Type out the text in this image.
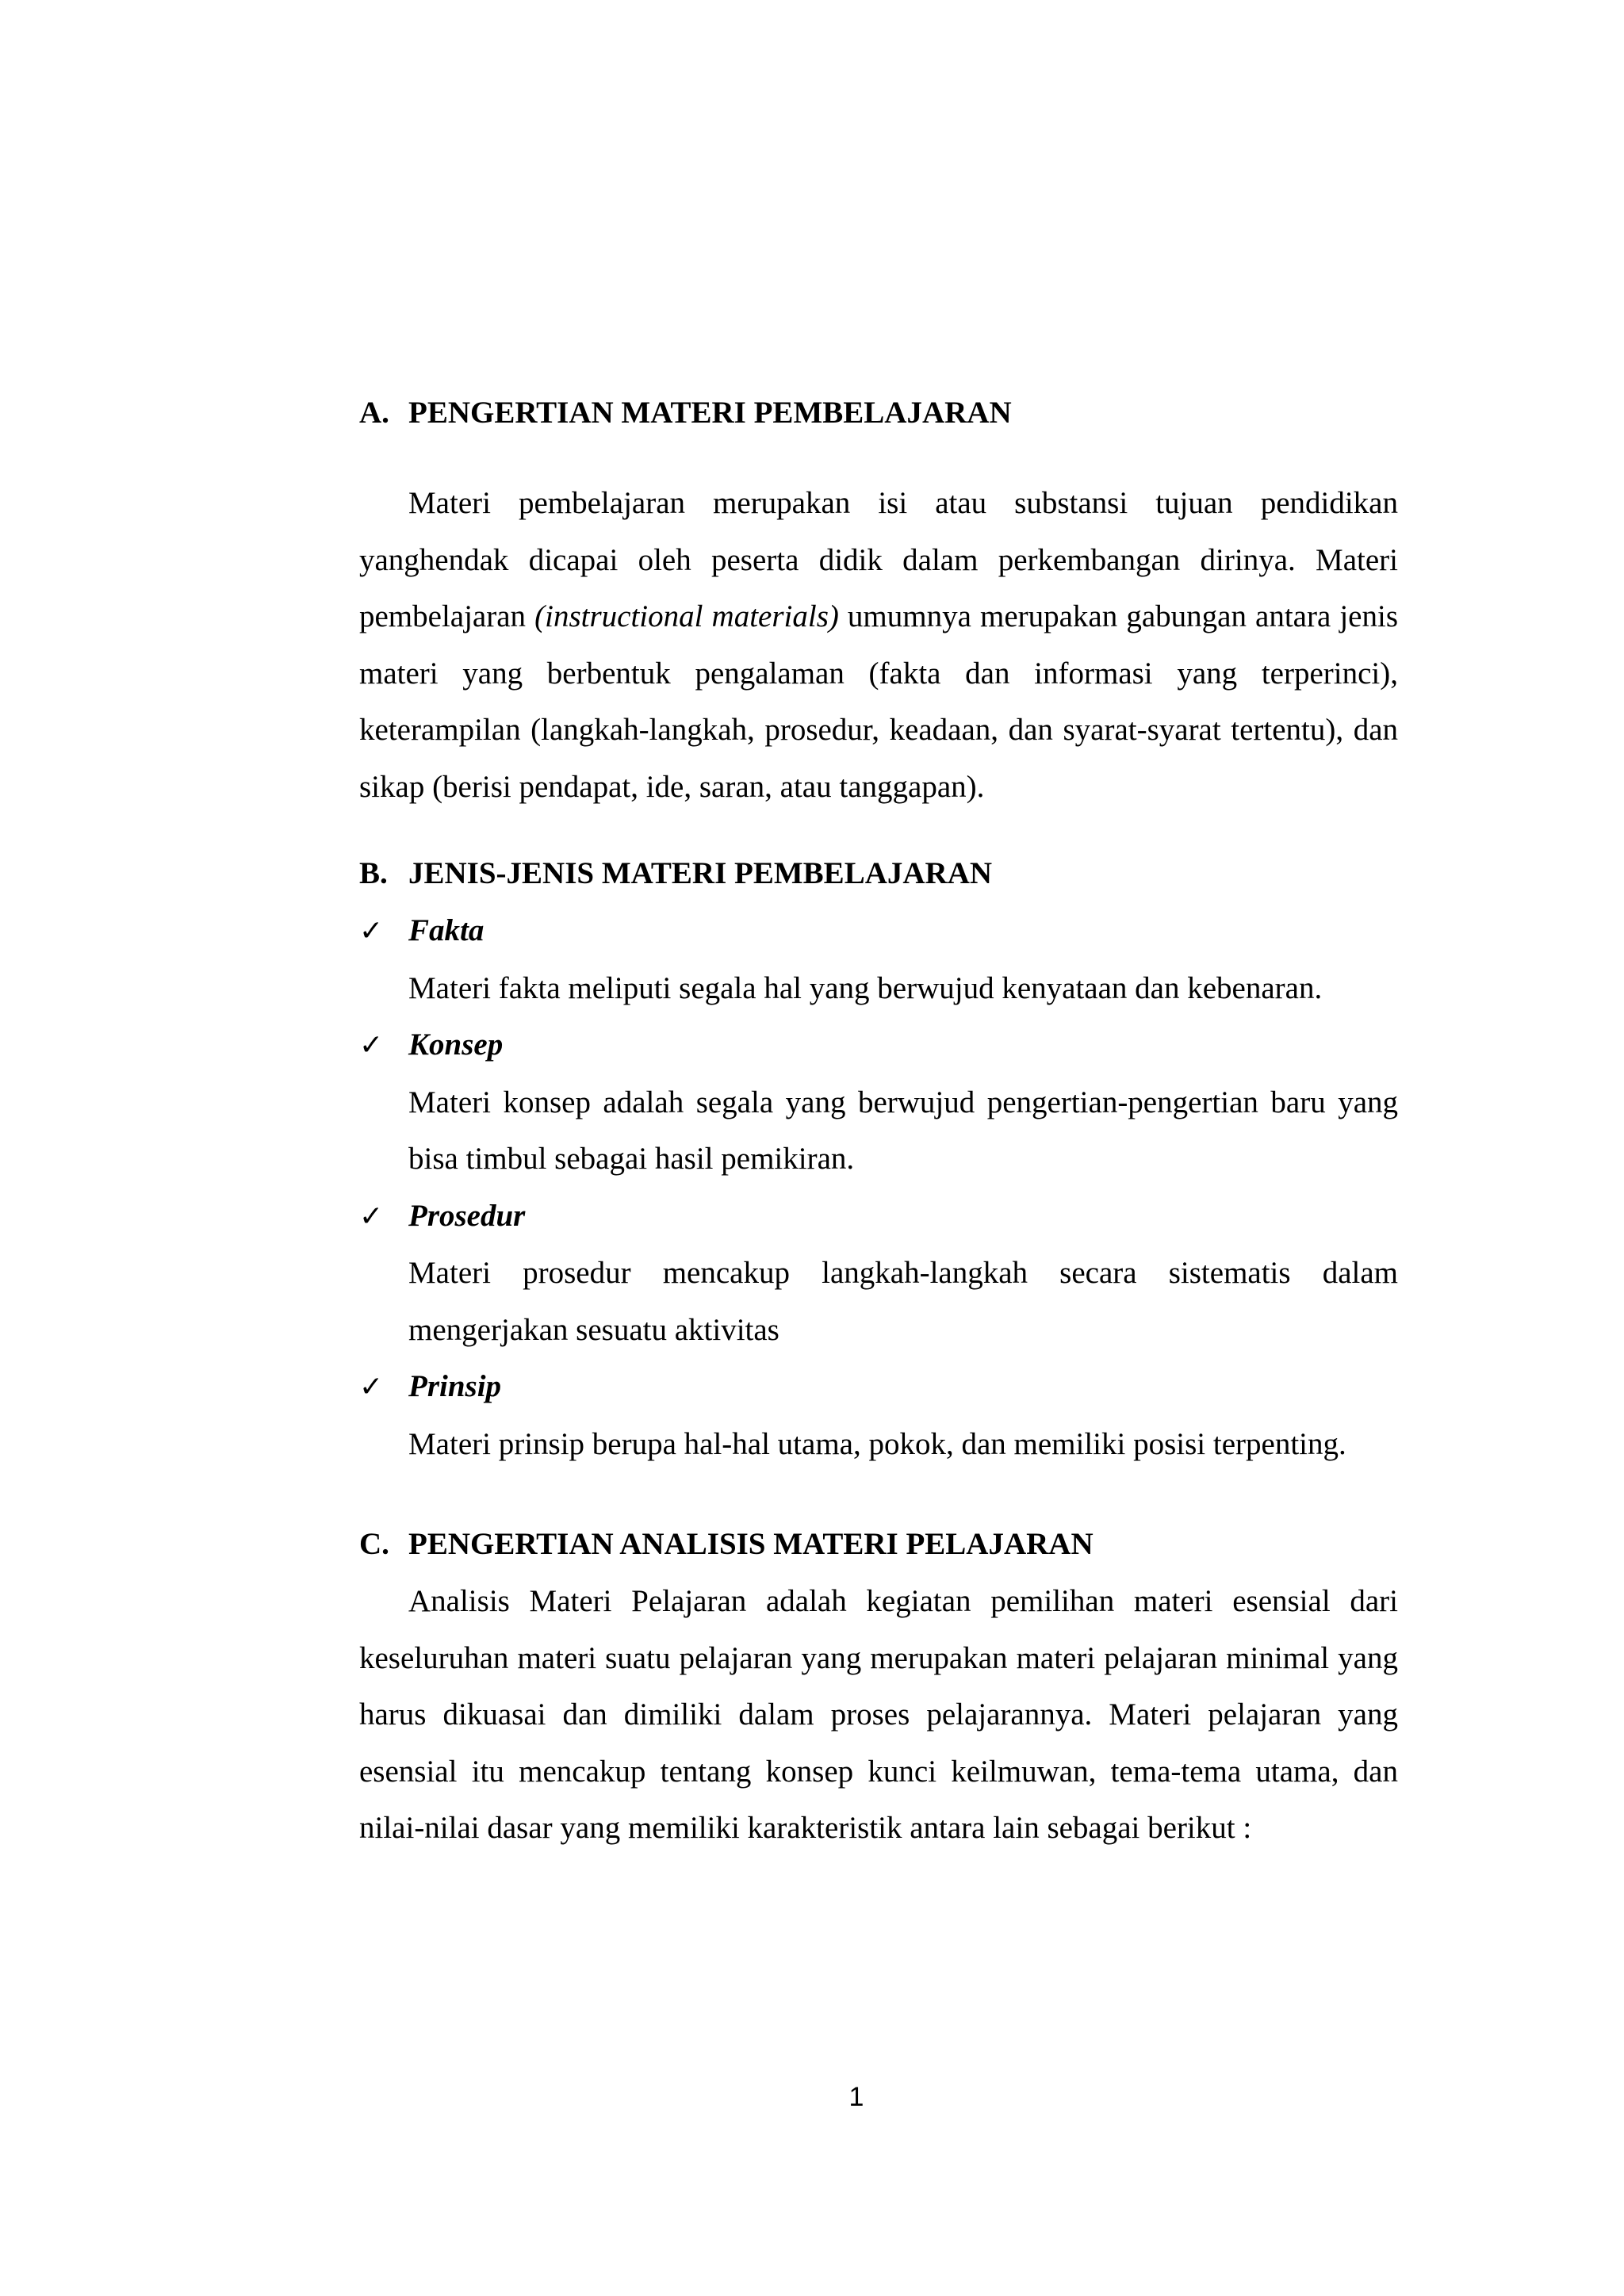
A. PENGERTIAN MATERI PEMBELAJARAN

Materi pembelajaran merupakan isi atau substansi tujuan pendidikan yanghendak dicapai oleh peserta didik dalam perkembangan dirinya. Materi pembelajaran (instructional materials) umumnya merupakan gabungan antara jenis materi yang berbentuk pengalaman (fakta dan informasi yang terperinci), keterampilan (langkah-langkah, prosedur, keadaan, dan syarat-syarat tertentu), dan sikap (berisi pendapat, ide, saran, atau tanggapan).

B. JENIS-JENIS MATERI PEMBELAJARAN
✓ Fakta
Materi fakta meliputi segala hal yang berwujud kenyataan dan kebenaran.
✓ Konsep
Materi konsep adalah segala yang berwujud pengertian-pengertian baru yang bisa timbul sebagai hasil pemikiran.
✓ Prosedur
Materi prosedur mencakup langkah-langkah secara sistematis dalam mengerjakan sesuatu aktivitas
✓ Prinsip
Materi prinsip berupa hal-hal utama, pokok, dan memiliki posisi terpenting.
C. PENGERTIAN ANALISIS MATERI PELAJARAN

Analisis Materi Pelajaran adalah kegiatan pemilihan materi esensial dari keseluruhan materi suatu pelajaran yang merupakan materi pelajaran minimal yang harus dikuasai dan dimiliki dalam proses pelajarannya. Materi pelajaran yang esensial itu mencakup tentang konsep kunci keilmuwan, tema-tema utama, dan nilai-nilai dasar yang memiliki karakteristik antara lain sebagai berikut :

1
